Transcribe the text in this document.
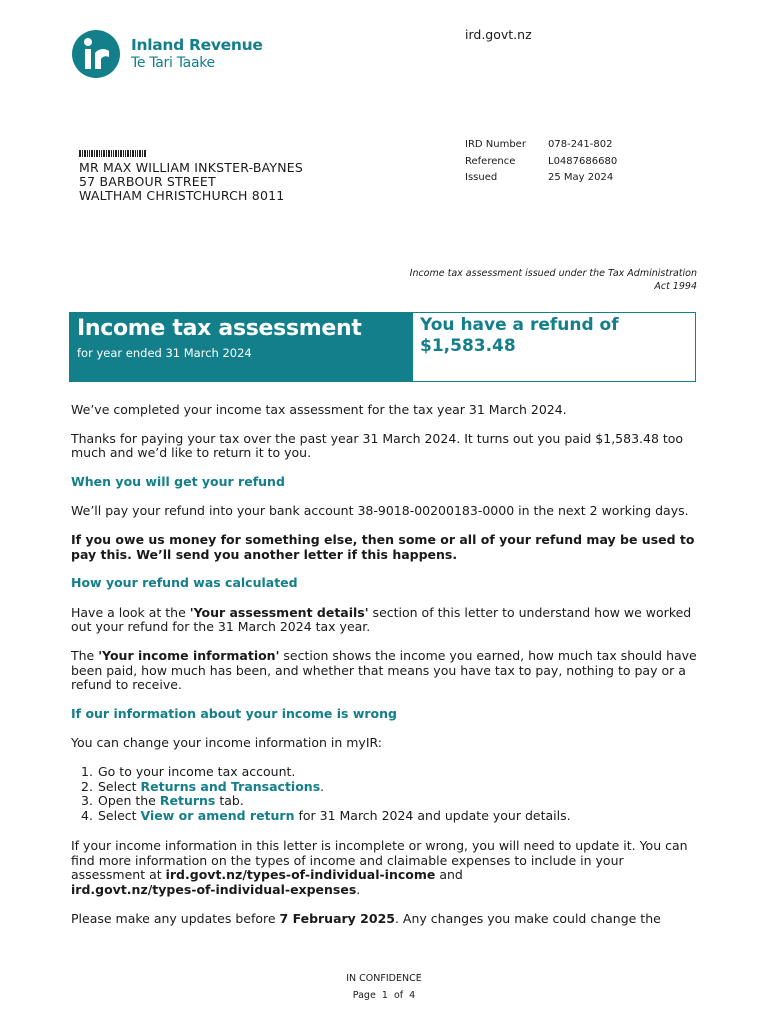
Inland Revenue
Te Tari Taake
ird.govt.nz
MR MAX WILLIAM INKSTER-BAYNES
57 BARBOUR STREET
WALTHAM CHRISTCHURCH 8011
IRD Number	078-241-802
Reference	L0487686680
Issued	25 May 2024
Income tax assessment issued under the Tax Administration Act 1994
Income tax assessment
for year ended 31 March 2024
You have a refund of
$1,583.48

We’ve completed your income tax assessment for the tax year 31 March 2024.

Thanks for paying your tax over the past year 31 March 2024. It turns out you paid $1,583.48 too much and we’d like to return it to you.

When you will get your refund

We’ll pay your refund into your bank account 38-9018-00200183-0000 in the next 2 working days.

If you owe us money for something else, then some or all of your refund may be used to pay this. We’ll send you another letter if this happens.

How your refund was calculated

Have a look at the 'Your assessment details' section of this letter to understand how we worked out your refund for the 31 March 2024 tax year.

The 'Your income information' section shows the income you earned, how much tax should have been paid, how much has been, and whether that means you have tax to pay, nothing to pay or a refund to receive.

If our information about your income is wrong

You can change your income information in myIR:

1. Go to your income tax account.
2. Select Returns and Transactions.
3. Open the Returns tab.
4. Select View or amend return for 31 March 2024 and update your details.

If your income information in this letter is incomplete or wrong, you will need to update it. You can find more information on the types of income and claimable expenses to include in your assessment at ird.govt.nz/types-of-individual-income and
ird.govt.nz/types-of-individual-expenses.

Please make any updates before 7 February 2025. Any changes you make could change the

IN CONFIDENCE
Page 1 of 4
